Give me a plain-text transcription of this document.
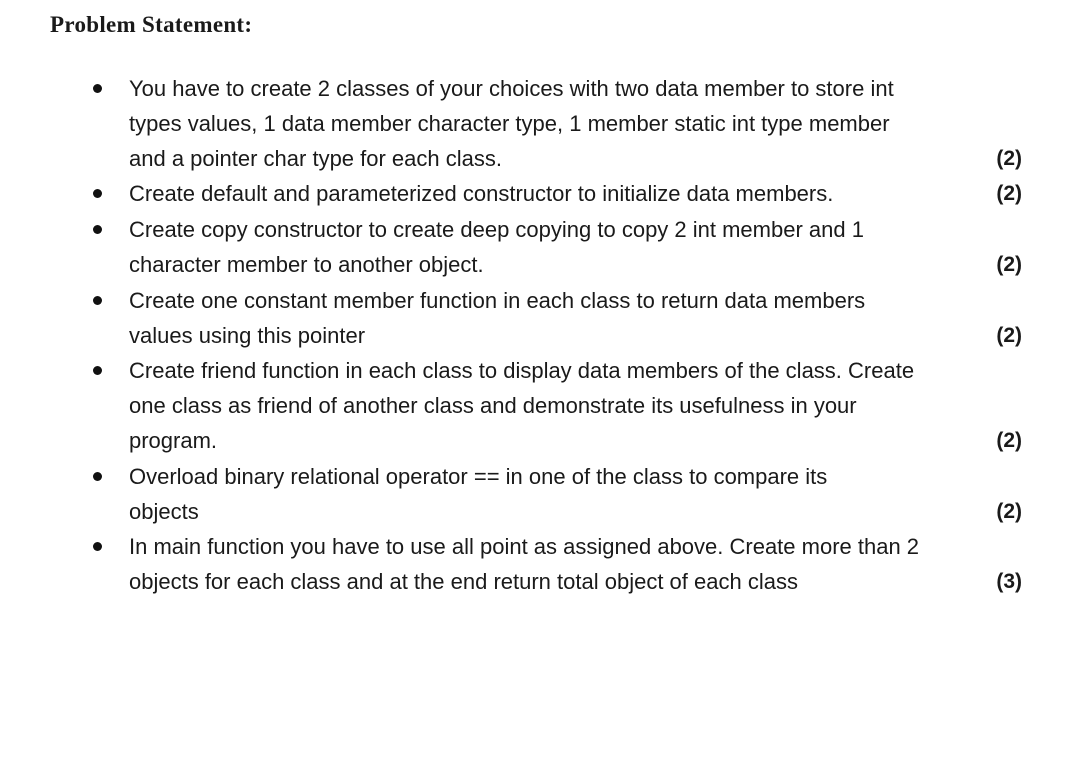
Problem Statement:
You have to create 2 classes of your choices with two data member to store int
types values, 1 data member character type, 1 member static int type member
and a pointer char type for each class.	(2)
Create default and parameterized constructor to initialize data members.	(2)
Create copy constructor to create deep copying to copy 2 int member and 1
character member to another object.	(2)
Create one constant member function in each class to return data members
values using this pointer	(2)
Create friend function in each class to display data members of the class. Create
one class as friend of another class and demonstrate its usefulness in your
program.	(2)
Overload binary relational operator == in one of the class to compare its
objects	(2)
In main function you have to use all point as assigned above. Create more than 2
objects for each class and at the end return total object of each class	(3)
